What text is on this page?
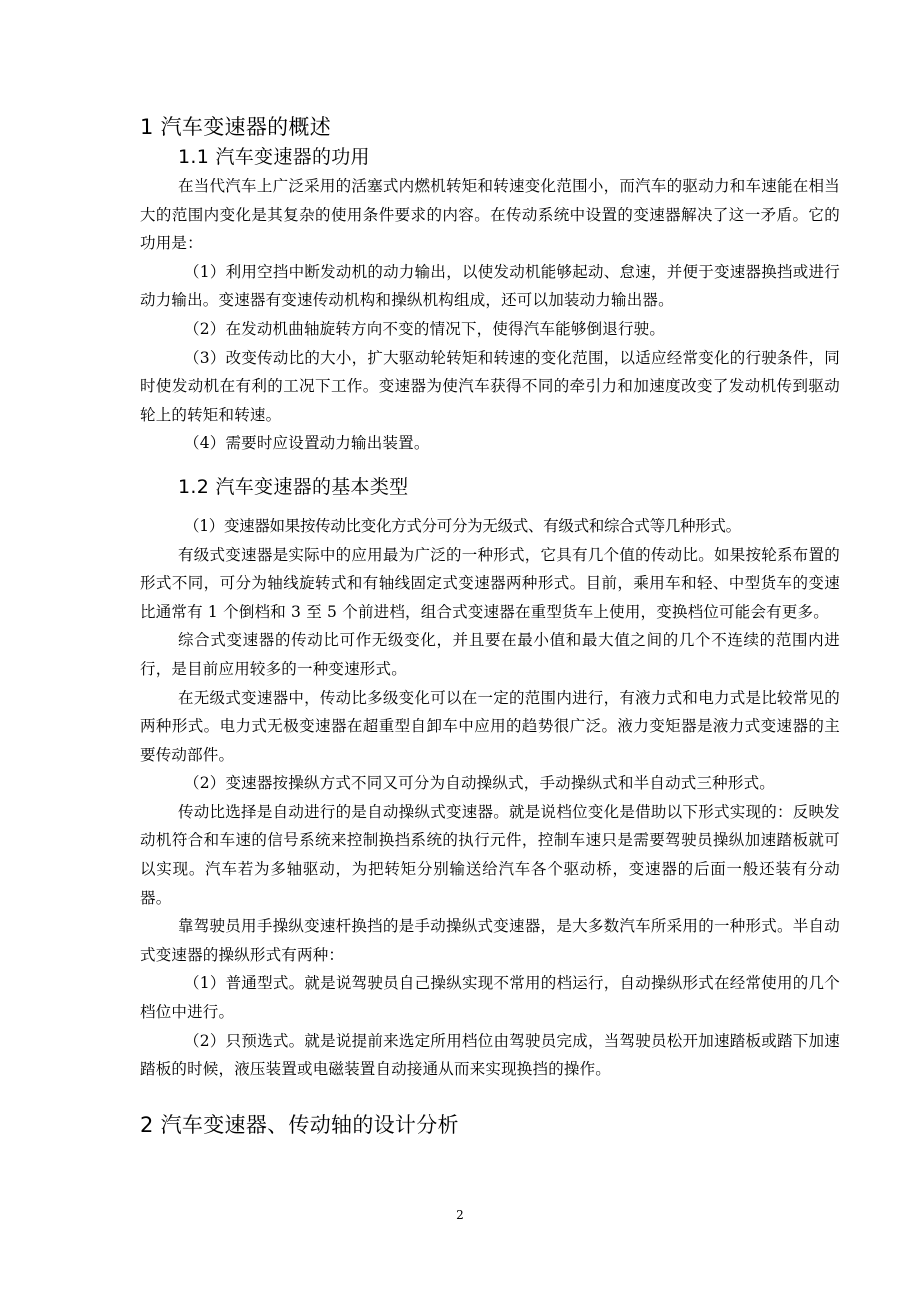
1 汽车变速器的概述
1.1 汽车变速器的功用

在当代汽车上广泛采用的活塞式内燃机转矩和转速变化范围小，而汽车的驱动力和车速能在相当大的范围内变化是其复杂的使用条件要求的内容。在传动系统中设置的变速器解决了这一矛盾。它的功用是：

（1）利用空挡中断发动机的动力输出，以使发动机能够起动、怠速，并便于变速器换挡或进行动力输出。变速器有变速传动机构和操纵机构组成，还可以加装动力输出器。

（2）在发动机曲轴旋转方向不变的情况下，使得汽车能够倒退行驶。

（3）改变传动比的大小，扩大驱动轮转矩和转速的变化范围，以适应经常变化的行驶条件，同时使发动机在有利的工况下工作。变速器为使汽车获得不同的牵引力和加速度改变了发动机传到驱动轮上的转矩和转速。

（4）需要时应设置动力输出装置。

1.2 汽车变速器的基本类型

（1）变速器如果按传动比变化方式分可分为无级式、有级式和综合式等几种形式。

有级式变速器是实际中的应用最为广泛的一种形式，它具有几个值的传动比。如果按轮系布置的形式不同，可分为轴线旋转式和有轴线固定式变速器两种形式。目前，乘用车和轻、中型货车的变速比通常有 1 个倒档和 3 至 5 个前进档，组合式变速器在重型货车上使用，变换档位可能会有更多。

综合式变速器的传动比可作无级变化，并且要在最小值和最大值之间的几个不连续的范围内进行，是目前应用较多的一种变速形式。

在无级式变速器中，传动比多级变化可以在一定的范围内进行，有液力式和电力式是比较常见的两种形式。电力式无极变速器在超重型自卸车中应用的趋势很广泛。液力变矩器是液力式变速器的主要传动部件。

（2）变速器按操纵方式不同又可分为自动操纵式，手动操纵式和半自动式三种形式。

传动比选择是自动进行的是自动操纵式变速器。就是说档位变化是借助以下形式实现的：反映发动机符合和车速的信号系统来控制换挡系统的执行元件，控制车速只是需要驾驶员操纵加速踏板就可以实现。汽车若为多轴驱动，为把转矩分别输送给汽车各个驱动桥，变速器的后面一般还装有分动器。

靠驾驶员用手操纵变速杆换挡的是手动操纵式变速器，是大多数汽车所采用的一种形式。半自动式变速器的操纵形式有两种：

（1）普通型式。就是说驾驶员自己操纵实现不常用的档运行，自动操纵形式在经常使用的几个档位中进行。

（2）只预选式。就是说提前来选定所用档位由驾驶员完成，当驾驶员松开加速踏板或踏下加速踏板的时候，液压装置或电磁装置自动接通从而来实现换挡的操作。

2 汽车变速器、传动轴的设计分析
2
